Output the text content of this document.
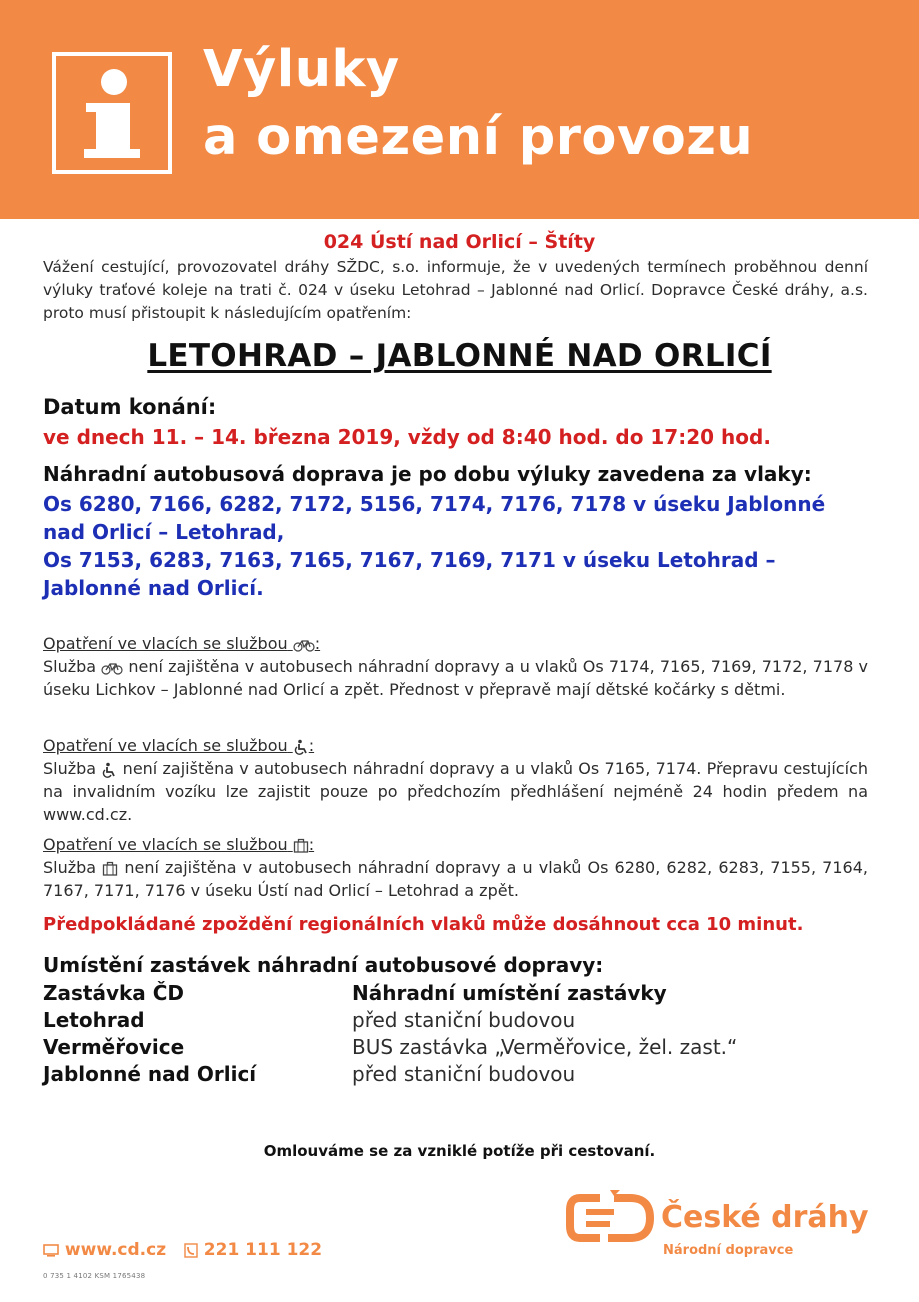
Výluky
a omezení provozu
024 Ústí nad Orlicí – Štíty
Vážení cestující, provozovatel dráhy SŽDC, s.o. informuje, že v uvedených termínech proběhnou denní výluky traťové koleje na trati č. 024 v úseku Letohrad – Jablonné nad Orlicí. Dopravce České dráhy, a.s. proto musí přistoupit k následujícím opatřením:
LETOHRAD – JABLONNÉ NAD ORLICÍ
Datum konání:
ve dnech 11. – 14. března 2019, vždy od 8:40 hod. do 17:20 hod.
Náhradní autobusová doprava je po dobu výluky zavedena za vlaky:
Os 6280, 7166, 6282, 7172, 5156, 7174, 7176, 7178 v úseku Jablonné nad Orlicí – Letohrad,
Os 7153, 6283, 7163, 7165, 7167, 7169, 7171 v úseku Letohrad – Jablonné nad Orlicí.
Opatření ve vlacích se službou :
Služba není zajištěna v autobusech náhradní dopravy a u vlaků Os 7174, 7165, 7169, 7172, 7178 v úseku Lichkov – Jablonné nad Orlicí a zpět. Přednost v přepravě mají dětské kočárky s dětmi.
Opatření ve vlacích se službou :
Služba není zajištěna v autobusech náhradní dopravy a u vlaků Os 7165, 7174. Přepravu cestujících na invalidním vozíku lze zajistit pouze po předchozím předhlášení nejméně 24 hodin předem na www.cd.cz.
Opatření ve vlacích se službou :
Služba není zajištěna v autobusech náhradní dopravy a u vlaků Os 6280, 6282, 6283, 7155, 7164, 7167, 7171, 7176 v úseku Ústí nad Orlicí – Letohrad a zpět.
Předpokládané zpoždění regionálních vlaků může dosáhnout cca 10 minut.
Umístění zastávek náhradní autobusové dopravy:
Zastávka ČD	Náhradní umístění zastávky
Letohrad	před staniční budovou
Verměřovice	BUS zastávka „Verměřovice, žel. zast.“
Jablonné nad Orlicí	před staniční budovou
Omlouváme se za vzniklé potíže při cestovaní.
www.cd.cz 221 111 122
0 735 1 4102 KSM 1765438
České dráhy
Národní dopravce
